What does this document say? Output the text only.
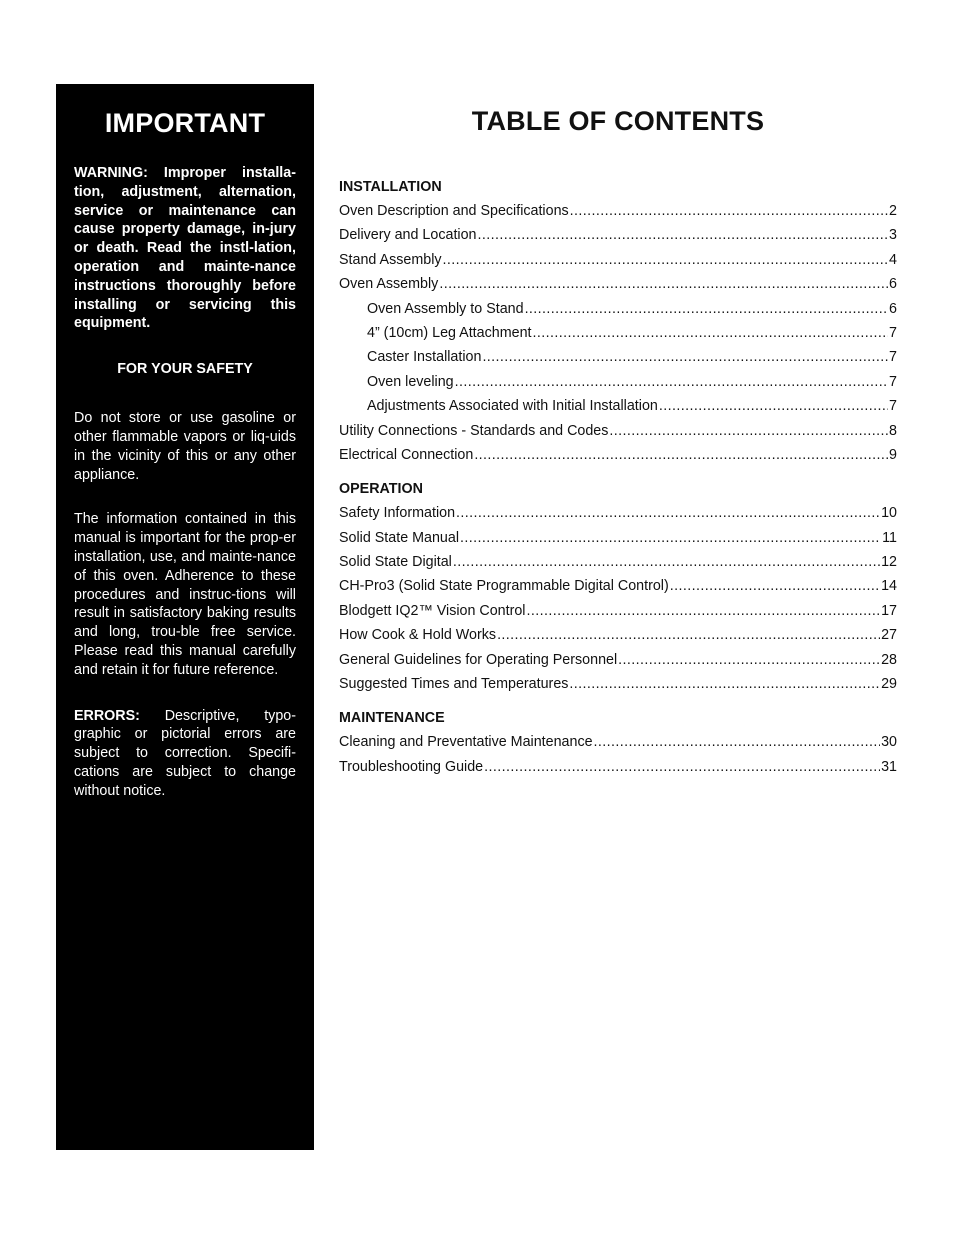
IMPORTANT
WARNING: Improper installa-tion, adjustment, alternation, service or maintenance can cause property damage, in-jury or death. Read the instl-lation, operation and mainte-nance instructions thoroughly before installing or servicing this equipment.
FOR YOUR SAFETY

Do not store or use gasoline or other flammable vapors or liq-uids in the vicinity of this or any other appliance.

The information contained in this manual is important for the prop-er installation, use, and mainte-nance of this oven. Adherence to these procedures and instruc-tions will result in satisfactory baking results and long, trou-ble free service. Please read this manual carefully and retain it for future reference.

ERRORS: Descriptive, typo-graphic or pictorial errors are subject to correction. Specifi-cations are subject to change without notice.

TABLE OF CONTENTS
INSTALLATION
Oven Description and Specifications .....	2
Delivery and Location .....	3
Stand Assembly .....	4
Oven Assembly .....	6
Oven Assembly to Stand .....	6
4” (10cm) Leg Attachment .....	7
Caster Installation .....	7
Oven leveling .....	7
Adjustments Associated with Initial Installation .....	7
Utility Connections - Standards and Codes .....	8
Electrical Connection .....	9
OPERATION
Safety Information .....	10
Solid State Manual .....	11
Solid State Digital .....	12
CH-Pro3 (Solid State Programmable Digital Control) .....	14
Blodgett IQ2™ Vision Control .....	17
How Cook & Hold Works .....	27
General Guidelines for Operating Personnel .....	28
Suggested Times and Temperatures .....	29
MAINTENANCE
Cleaning and Preventative Maintenance .....	30
Troubleshooting Guide .....	31
